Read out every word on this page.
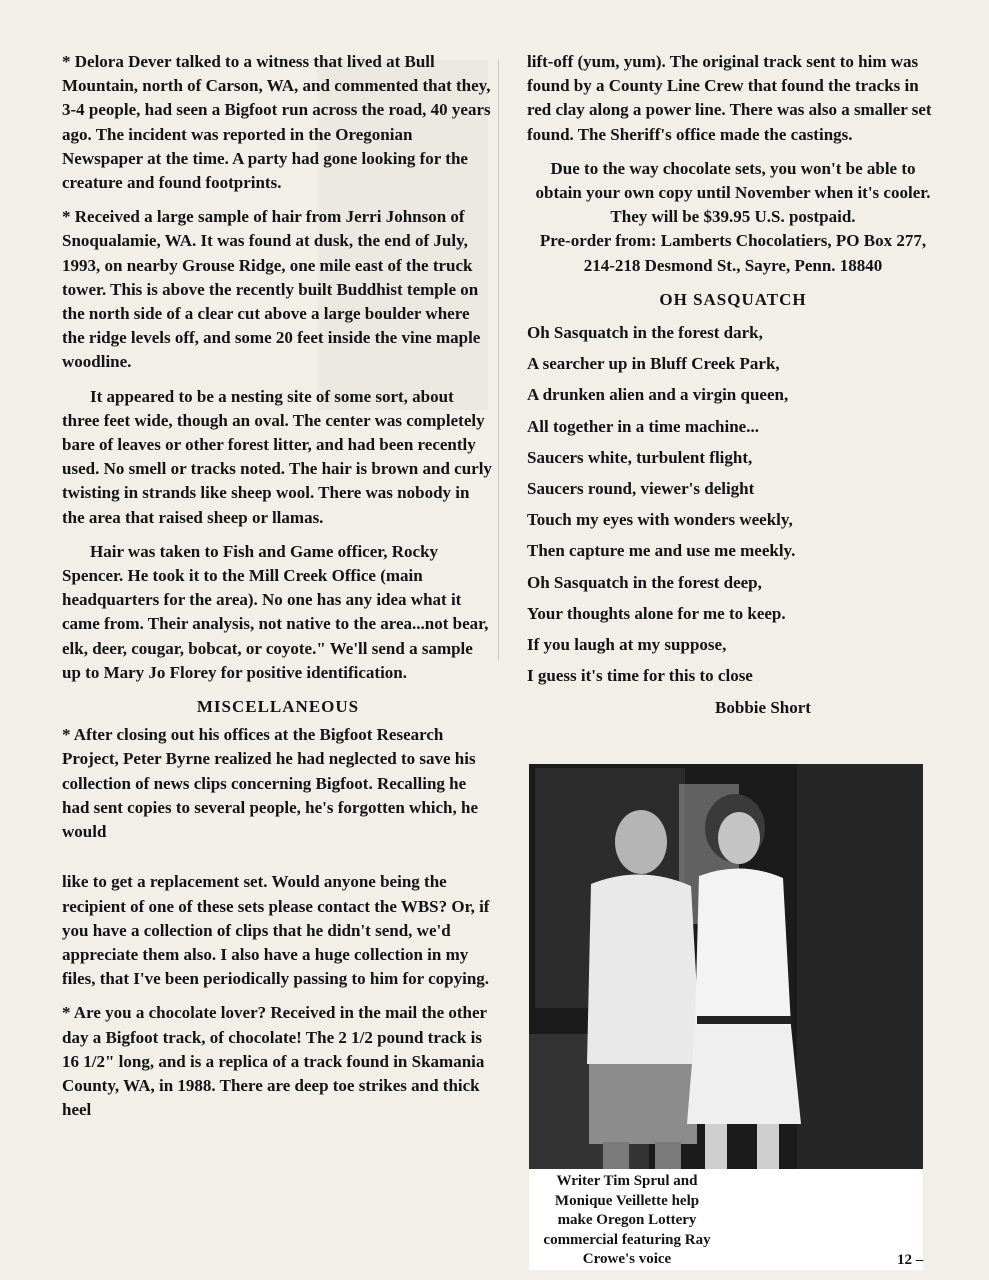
* Delora Dever talked to a witness that lived at Bull Mountain, north of Carson, WA, and commented that they, 3-4 people, had seen a Bigfoot run across the road, 40 years ago. The incident was reported in the Oregonian Newspaper at the time. A party had gone looking for the creature and found footprints.

* Received a large sample of hair from Jerri Johnson of Snoqualamie, WA. It was found at dusk, the end of July, 1993, on nearby Grouse Ridge, one mile east of the truck tower. This is above the recently built Buddhist temple on the north side of a clear cut above a large boulder where the ridge levels off, and some 20 feet inside the vine maple woodline.

It appeared to be a nesting site of some sort, about three feet wide, though an oval. The center was completely bare of leaves or other forest litter, and had been recently used. No smell or tracks noted. The hair is brown and curly twisting in strands like sheep wool. There was nobody in the area that raised sheep or llamas.

Hair was taken to Fish and Game officer, Rocky Spencer. He took it to the Mill Creek Office (main headquarters for the area). No one has any idea what it came from. Their analysis, not native to the area...not bear, elk, deer, cougar, bobcat, or coyote." We'll send a sample up to Mary Jo Florey for positive identification.

MISCELLANEOUS

* After closing out his offices at the Bigfoot Research Project, Peter Byrne realized he had neglected to save his collection of news clips concerning Bigfoot. Recalling he had sent copies to several people, he's forgotten which, he would

like to get a replacement set. Would anyone being the recipient of one of these sets please contact the WBS? Or, if you have a collection of clips that he didn't send, we'd appreciate them also. I also have a huge collection in my files, that I've been periodically passing to him for copying.

* Are you a chocolate lover? Received in the mail the other day a Bigfoot track, of chocolate! The 2 1/2 pound track is 16 1/2" long, and is a replica of a track found in Skamania County, WA, in 1988. There are deep toe strikes and thick heel

lift-off (yum, yum). The original track sent to him was found by a County Line Crew that found the tracks in red clay along a power line. There was also a smaller set found. The Sheriff's office made the castings.

Due to the way chocolate sets, you won't be able to obtain your own copy until November when it's cooler. They will be $39.95 U.S. postpaid.

Pre-order from: Lamberts Chocolatiers, PO Box 277, 214-218 Desmond St., Sayre, Penn. 18840

OH SASQUATCH

Oh Sasquatch in the forest dark,

A searcher up in Bluff Creek Park,

A drunken alien and a virgin queen,

All together in a time machine...

Saucers white, turbulent flight,

Saucers round, viewer's delight

Touch my eyes with wonders weekly,

Then capture me and use me meekly.

Oh Sasquatch in the forest deep,

Your thoughts alone for me to keep.

If you laugh at my suppose,

I guess it's time for this to close

Bobbie Short
Writer Tim Sprul and Monique Veillette help make Oregon Lottery commercial featuring Ray Crowe's voice	12 –
